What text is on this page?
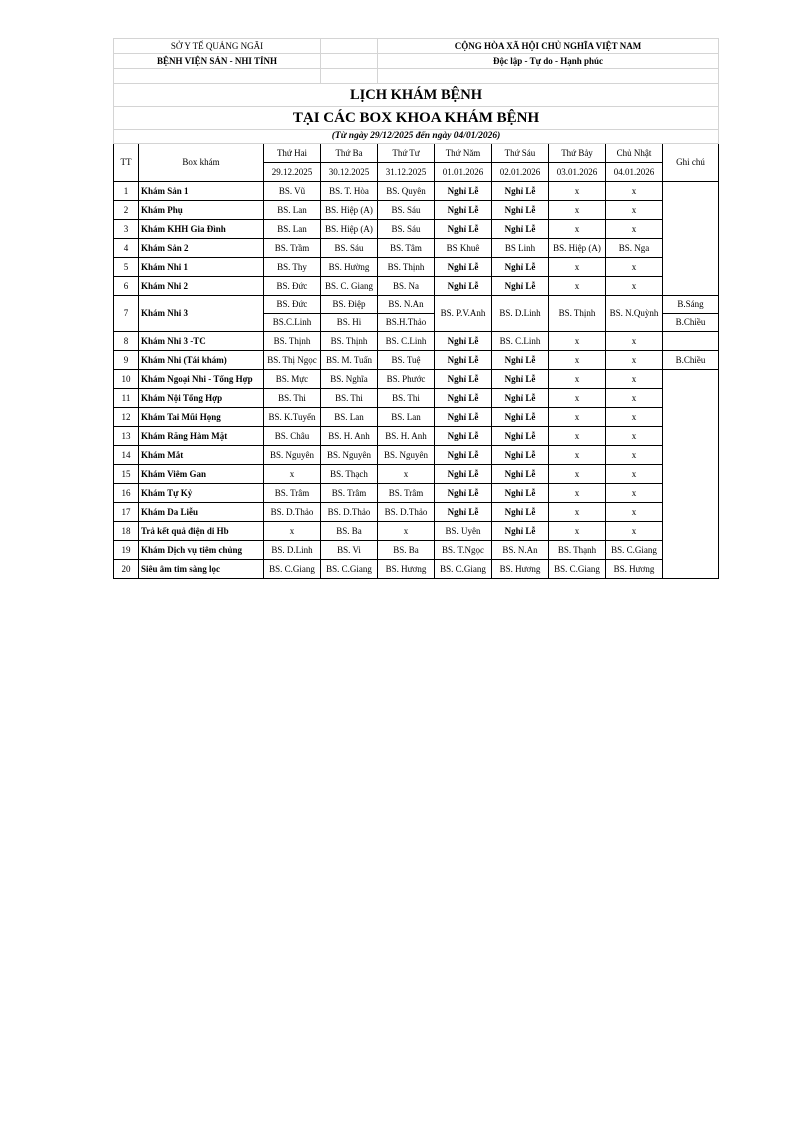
SỞ Y TẾ QUẢNG NGÃI				CỘNG HÒA XÃ HỘI CHỦ NGHĨA VIỆT NAM					
BỆNH VIỆN SẢN - NHI TỈNH				Độc lập - Tự do - Hạnh phúc					

LỊCH KHÁM BỆNH									
TẠI CÁC BOX KHOA KHÁM BỆNH									
(Từ ngày 29/12/2025 đến ngày 04/01/2026)									
TT	Box khám	Thứ Hai	Thứ Ba	Thứ Tư	Thứ Năm	Thứ Sáu	Thứ Bảy	Chủ Nhật	Ghi chú
		29.12.2025	30.12.2025	31.12.2025	01.01.2026	02.01.2026	03.01.2026	04.01.2026	
1	Khám Sản 1	BS. Vũ	BS. T. Hòa	BS. Quyên	Nghỉ Lễ	Nghỉ Lễ	x	x	
2	Khám Phụ	BS. Lan	BS. Hiệp (A)	BS. Sáu	Nghỉ Lễ	Nghỉ Lễ	x	x	
3	Khám KHH Gia Đình	BS. Lan	BS. Hiệp (A)	BS. Sáu	Nghỉ Lễ	Nghỉ Lễ	x	x	
4	Khám Sản 2	BS. Trầm	BS. Sáu	BS. Tâm	BS Khuê	BS Linh	BS. Hiệp (A)	BS. Nga	
5	Khám Nhi 1	BS. Thy	BS. Hường	BS. Thịnh	Nghỉ Lễ	Nghỉ Lễ	x	x	
6	Khám Nhi 2	BS. Đức	BS. C. Giang	BS. Na	Nghỉ Lễ	Nghỉ Lễ	x	x	
7	Khám Nhi 3	BS. Đức	BS. Điệp	BS. N.An	BS. P.V.Anh	BS. D.Linh	BS. Thịnh	BS. N.Quỳnh	B.Sáng
		BS.C.Linh	BS. Hi	BS.H.Thảo					B.Chiều
8	Khám Nhi 3 -TC	BS. Thịnh	BS. Thịnh	BS. C.Linh	Nghỉ Lễ	BS. C.Linh	x	x	
9	Khám Nhi (Tái khám)	BS. Thị Ngọc	BS. M. Tuấn	BS. Tuệ	Nghỉ Lễ	Nghỉ Lễ	x	x	B.Chiều
10	Khám Ngoại Nhi - Tổng Hợp	BS. Mực	BS. Nghĩa	BS. Phước	Nghỉ Lễ	Nghỉ Lễ	x	x	
11	Khám Nội Tổng Hợp	BS. Thi	BS. Thi	BS. Thi	Nghỉ Lễ	Nghỉ Lễ	x	x	
12	Khám Tai Mũi Họng	BS. K.Tuyến	BS. Lan	BS. Lan	Nghỉ Lễ	Nghỉ Lễ	x	x	
13	Khám Răng Hàm Mặt	BS. Châu	BS. H. Anh	BS. H. Anh	Nghỉ Lễ	Nghỉ Lễ	x	x	
14	Khám Mắt	BS. Nguyên	BS. Nguyên	BS. Nguyên	Nghỉ Lễ	Nghỉ Lễ	x	x	
15	Khám Viêm Gan	x	BS. Thạch	x	Nghỉ Lễ	Nghỉ Lễ	x	x	
16	Khám Tự Kỷ	BS. Trâm	BS. Trâm	BS. Trâm	Nghỉ Lễ	Nghỉ Lễ	x	x	
17	Khám Da Liễu	BS. D.Thảo	BS. D.Thảo	BS. D.Thảo	Nghỉ Lễ	Nghỉ Lễ	x	x	
18	Trả kết quả điện di Hb	x	BS. Ba	x	BS. Uyên	Nghỉ Lễ	x	x	
19	Khám Dịch vụ tiêm chủng	BS. D.Linh	BS. Vi	BS. Ba	BS. T.Ngọc	BS. N.An	BS. Thạnh	BS. C.Giang	
20	Siêu âm tim sàng lọc	BS. C.Giang	BS. C.Giang	BS. Hương	BS. C.Giang	BS. Hương	BS. C.Giang	BS. Hương	
